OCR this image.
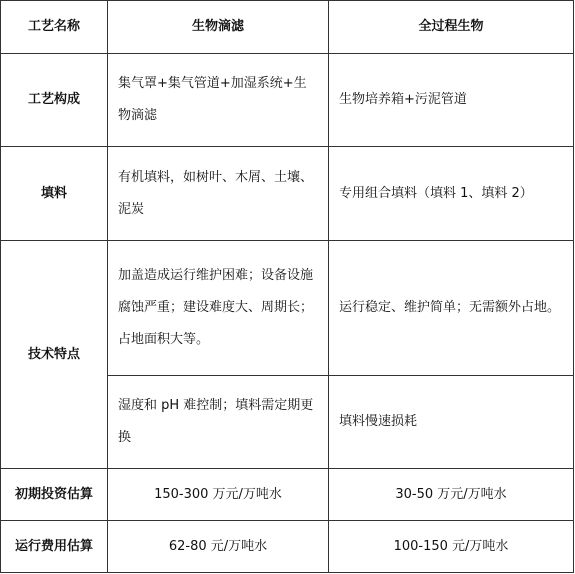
工艺名称	生物滴滤	全过程生物
工艺构成	集气罩+集气管道+加湿系统+生物滴滤	生物培养箱+污泥管道
填料	有机填料，如树叶、木屑、土壤、泥炭	专用组合填料（填料 1、填料 2）
技术特点	加盖造成运行维护困难；设备设施腐蚀严重；建设难度大、周期长；占地面积大等。	运行稳定、维护简单；无需额外占地。
	湿度和 pH 难控制；填料需定期更换	填料慢速损耗
初期投资估算	150-300 万元/万吨水	30-50 万元/万吨水
运行费用估算	62-80 元/万吨水	100-150 元/万吨水
